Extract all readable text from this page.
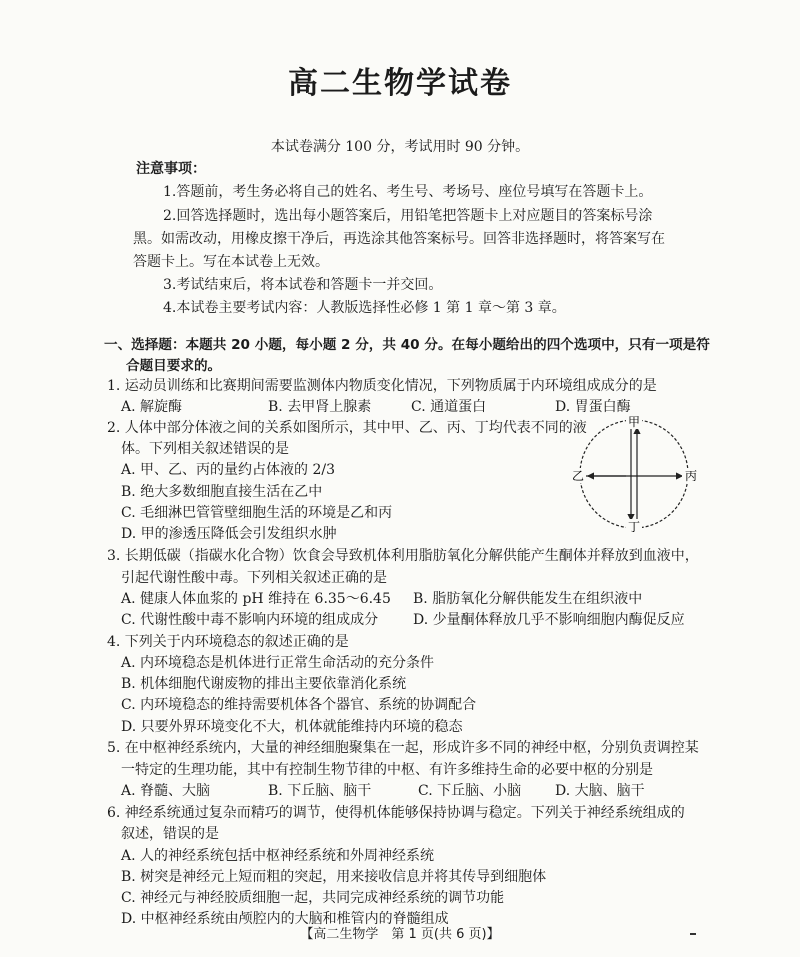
高二生物学试卷
本试卷满分 100 分，考试用时 90 分钟。
注意事项：
1.答题前，考生务必将自己的姓名、考生号、考场号、座位号填写在答题卡上。
2.回答选择题时，选出每小题答案后，用铅笔把答题卡上对应题目的答案标号涂
黑。如需改动，用橡皮擦干净后，再选涂其他答案标号。回答非选择题时，将答案写在
答题卡上。写在本试卷上无效。
3.考试结束后，将本试卷和答题卡一并交回。
4.本试卷主要考试内容：人教版选择性必修 1 第 1 章～第 3 章。
一、选择题：本题共 20 小题，每小题 2 分，共 40 分。在每小题给出的四个选项中，只有一项是符
合题目要求的。
1. 运动员训练和比赛期间需要监测体内物质变化情况，下列物质属于内环境组成成分的是
A. 解旋酶	B. 去甲肾上腺素	C. 通道蛋白	D. 胃蛋白酶
2. 人体中部分体液之间的关系如图所示，其中甲、乙、丙、丁均代表不同的液
体。下列相关叙述错误的是
A. 甲、乙、丙的量约占体液的 2/3
B. 绝大多数细胞直接生活在乙中
C. 毛细淋巴管管壁细胞生活的环境是乙和丙
D. 甲的渗透压降低会引发组织水肿
甲
乙	丙
丁
3. 长期低碳（指碳水化合物）饮食会导致机体利用脂肪氧化分解供能产生酮体并释放到血液中，
引起代谢性酸中毒。下列相关叙述正确的是
A. 健康人体血浆的 pH 维持在 6.35～6.45 B. 脂肪氧化分解供能发生在组织液中
C. 代谢性酸中毒不影响内环境的组成成分 D. 少量酮体释放几乎不影响细胞内酶促反应
4. 下列关于内环境稳态的叙述正确的是
A. 内环境稳态是机体进行正常生命活动的充分条件
B. 机体细胞代谢废物的排出主要依靠消化系统
C. 内环境稳态的维持需要机体各个器官、系统的协调配合
D. 只要外界环境变化不大，机体就能维持内环境的稳态
5. 在中枢神经系统内，大量的神经细胞聚集在一起，形成许多不同的神经中枢，分别负责调控某
一特定的生理功能，其中有控制生物节律的中枢、有许多维持生命的必要中枢的分别是
A. 脊髓、大脑	B. 下丘脑、脑干	C. 下丘脑、小脑 D. 大脑、脑干
6. 神经系统通过复杂而精巧的调节，使得机体能够保持协调与稳定。下列关于神经系统组成的
叙述，错误的是
A. 人的神经系统包括中枢神经系统和外周神经系统
B. 树突是神经元上短而粗的突起，用来接收信息并将其传导到细胞体
C. 神经元与神经胶质细胞一起，共同完成神经系统的调节功能
D. 中枢神经系统由颅腔内的大脑和椎管内的脊髓组成
【高二生物学　第 1 页(共 6 页)】
